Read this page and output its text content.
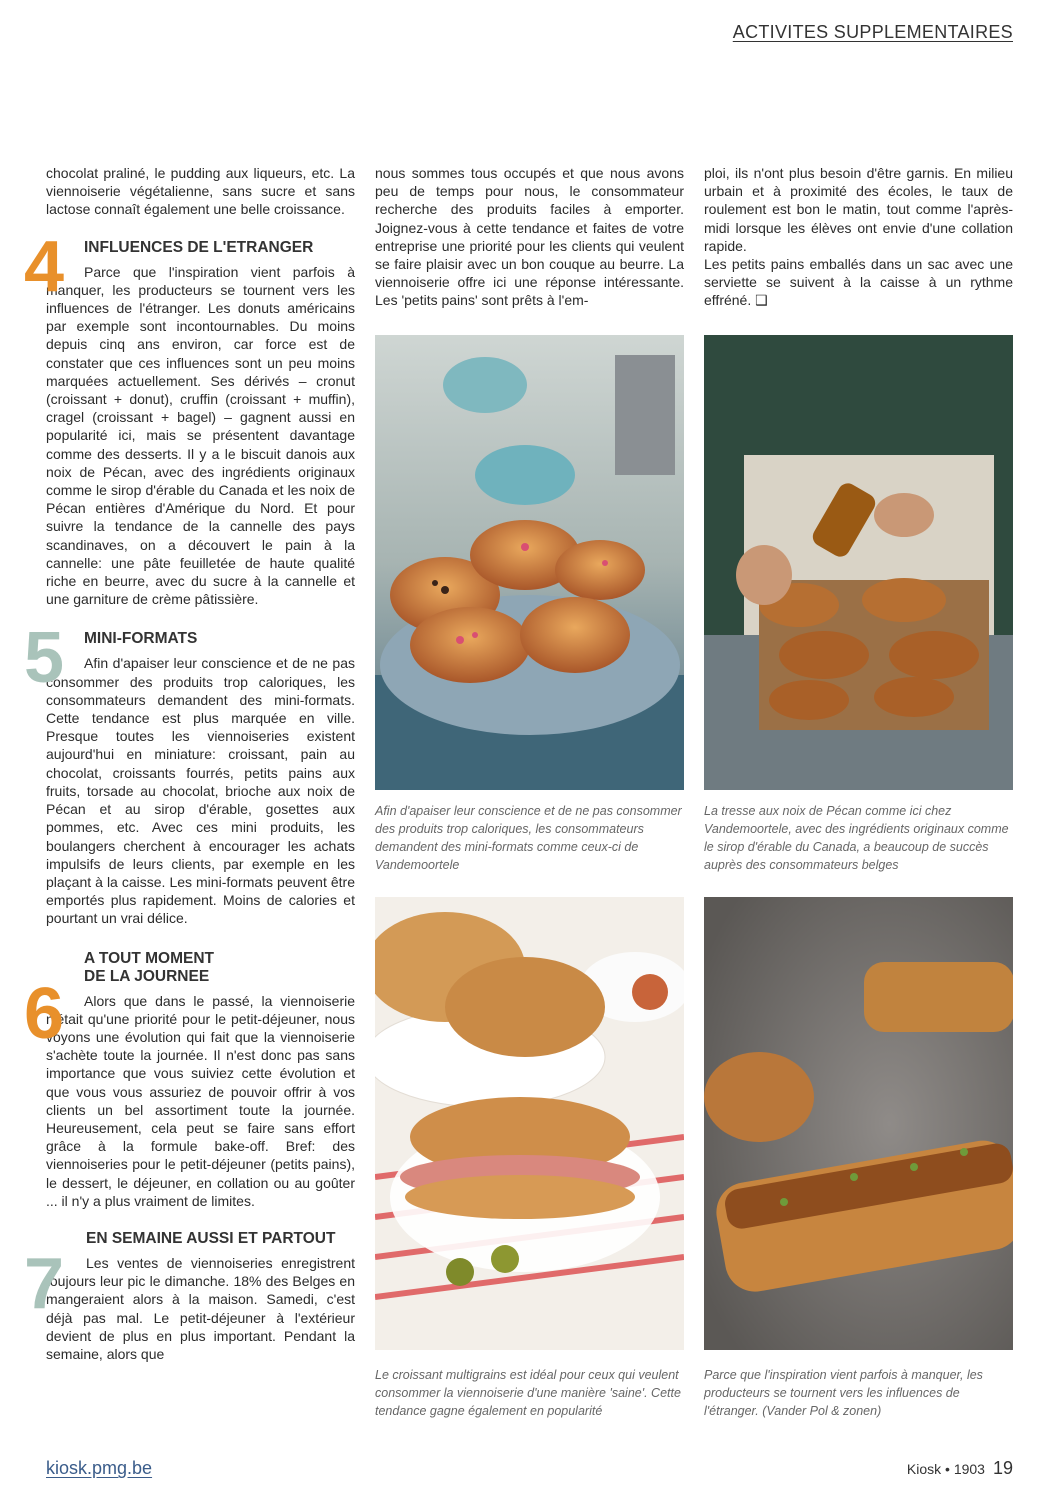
ACTIVITES SUPPLEMENTAIRES

chocolat praliné, le pudding aux liqueurs, etc. La viennoiserie végétalienne, sans sucre et sans lactose connaît également une belle croissance.

4 INFLUENCES DE L'ETRANGER

Parce que l'inspiration vient parfois à manquer, les producteurs se tournent vers les influences de l'étranger. Les donuts américains par exemple sont incontournables. Du moins depuis cinq ans environ, car force est de constater que ces influences sont un peu moins marquées actuellement. Ses dérivés – cronut (croissant + donut), cruffin (croissant + muffin), cragel (croissant + bagel) – gagnent aussi en popularité ici, mais se présentent davantage comme des desserts. Il y a le biscuit danois aux noix de Pécan, avec des ingrédients originaux comme le sirop d'érable du Canada et les noix de Pécan entières d'Amérique du Nord. Et pour suivre la tendance de la cannelle des pays scandinaves, on a découvert le pain à la cannelle: une pâte feuilletée de haute qualité riche en beurre, avec du sucre à la cannelle et une garniture de crème pâtissière.

5 MINI-FORMATS

Afin d'apaiser leur conscience et de ne pas consommer des produits trop caloriques, les consommateurs demandent des mini-formats. Cette tendance est plus marquée en ville. Presque toutes les viennoiseries existent aujourd'hui en miniature: croissant, pain au chocolat, croissants fourrés, petits pains aux fruits, torsade au chocolat, brioche aux noix de Pécan et au sirop d'érable, gosettes aux pommes, etc. Avec ces mini produits, les boulangers cherchent à encourager les achats impulsifs de leurs clients, par exemple en les plaçant à la caisse. Les mini-formats peuvent être emportés plus rapidement. Moins de calories et pourtant un vrai délice.

6
A TOUT MOMENT
DE LA JOURNEE

Alors que dans le passé, la viennoiserie n'était qu'une priorité pour le petit-déjeuner, nous voyons une évolution qui fait que la viennoiserie s'achète toute la journée. Il n'est donc pas sans importance que vous suiviez cette évolution et que vous vous assuriez de pouvoir offrir à vos clients un bel assortiment toute la journée. Heureusement, cela peut se faire sans effort grâce à la formule bake-off. Bref: des viennoiseries pour le petit-déjeuner (petits pains), le dessert, le déjeuner, en collation ou au goûter ... il n'y a plus vraiment de limites.

7
EN SEMAINE AUSSI ET PARTOUT

Les ventes de viennoiseries enregistrent toujours leur pic le dimanche. 18% des Belges en mangeraient alors à la maison. Samedi, c'est déjà pas mal. Le petit-déjeuner à l'extérieur devient de plus en plus important. Pendant la semaine, alors que

nous sommes tous occupés et que nous avons peu de temps pour nous, le consommateur recherche des produits faciles à emporter. Joignez-vous à cette tendance et faites de votre entreprise une priorité pour les clients qui veulent se faire plaisir avec un bon couque au beurre. La viennoiserie offre ici une réponse intéressante. Les 'petits pains' sont prêts à l'em-

ploi, ils n'ont plus besoin d'être garnis. En milieu urbain et à proximité des écoles, le taux de roulement est bon le matin, tout comme l'après-midi lorsque les élèves ont envie d'une collation rapide.

Les petits pains emballés dans un sac avec une serviette se suivent à la caisse à un rythme effréné. ❑

Afin d'apaiser leur conscience et de ne pas consommer des produits trop caloriques, les consommateurs demandent des mini-formats comme ceux-ci de Vandemoortele
La tresse aux noix de Pécan comme ici chez Vandemoortele, avec des ingrédients originaux comme le sirop d'érable du Canada, a beaucoup de succès auprès des consommateurs belges
Le croissant multigrains est idéal pour ceux qui veulent consommer la viennoiserie d'une manière 'saine'. Cette tendance gagne également en popularité
Parce que l'inspiration vient parfois à manquer, les producteurs se tournent vers les influences de l'étranger. (Vander Pol & zonen)
kiosk.pmg.be	Kiosk • 1903 19
